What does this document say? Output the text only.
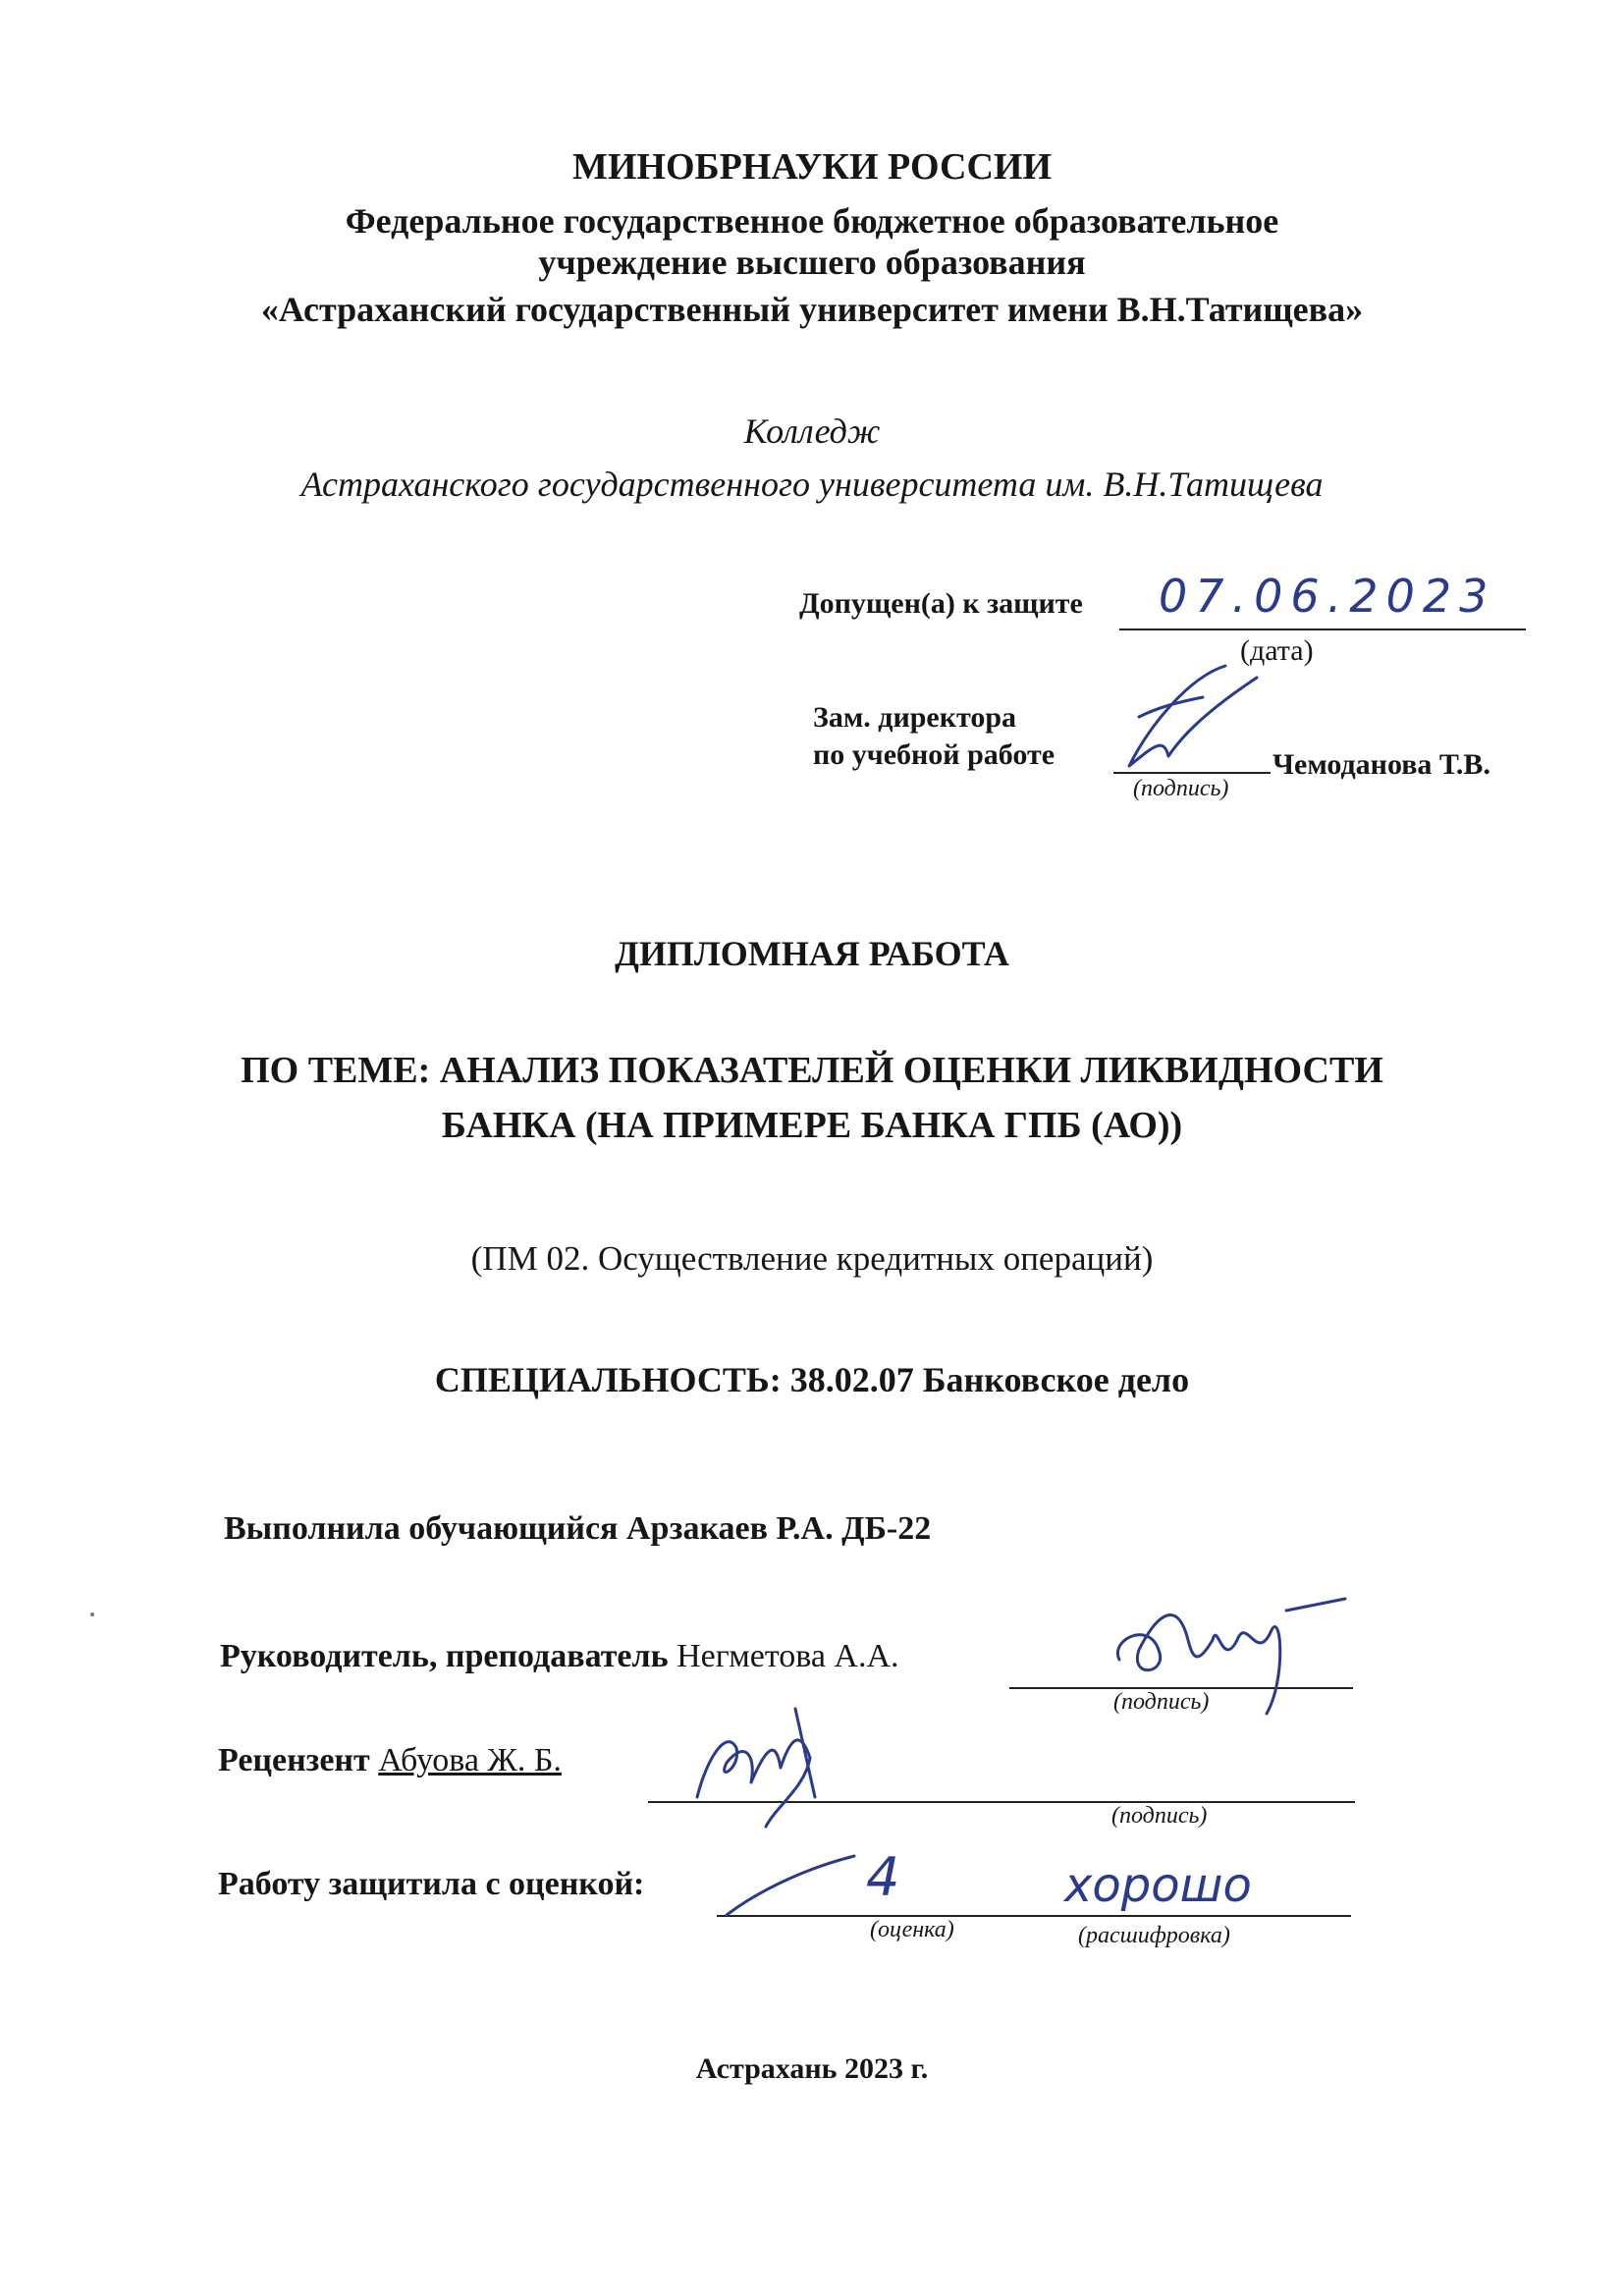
МИНОБРНАУКИ РОССИИ
Федеральное государственное бюджетное образовательное
учреждение высшего образования
«Астраханский государственный университет имени В.Н.Татищева»
Колледж
Астраханского государственного университета им. В.Н.Татищева
Допущен(а) к защите 07.06.2023
(дата)
Зам. директора
по учебной работе	Чемоданова Т.В.
(подпись)
ДИПЛОМНАЯ РАБОТА
ПО ТЕМЕ: АНАЛИЗ ПОКАЗАТЕЛЕЙ ОЦЕНКИ ЛИКВИДНОСТИ
БАНКА (НА ПРИМЕРЕ БАНКА ГПБ (АО))
(ПМ 02. Осуществление кредитных операций)
СПЕЦИАЛЬНОСТЬ: 38.02.07 Банковское дело
Выполнила обучающийся Арзакаев Р.А. ДБ-22
Руководитель, преподаватель Негметова А.А.
(подпись)
Рецензент Абуова Ж. Б.
(подпись)
Работу защитила с оценкой:	4	хорошо
(оценка)	(расшифровка)
Астрахань 2023 г.
